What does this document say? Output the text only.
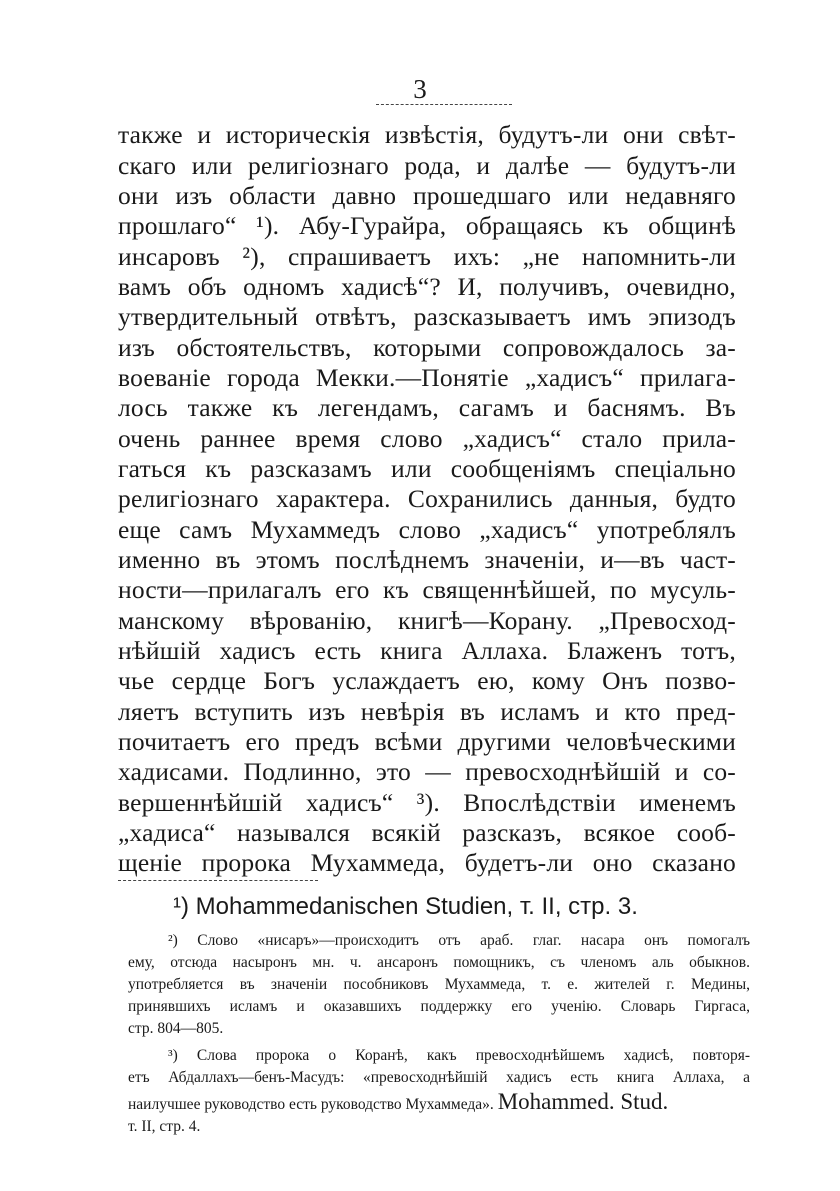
3
также и историческія извѣстія, будутъ-ли они свѣт-
скаго или религіознаго рода, и далѣе — будутъ-ли
они изъ области давно прошедшаго или недавняго
прошлаго“ ¹). Абу-Гурайра, обращаясь къ общинѣ
инсаровъ ²), спрашиваетъ ихъ: „не напомнить-ли
вамъ объ одномъ хадисѣ“? И, получивъ, очевидно,
утвердительный отвѣтъ, разсказываетъ имъ эпизодъ
изъ обстоятельствъ, которыми сопровождалось за-
воеваніе города Мекки.—Понятіе „хадисъ“ прилага-
лось также къ легендамъ, сагамъ и баснямъ. Въ
очень раннее время слово „хадисъ“ стало прила-
гаться къ разсказамъ или сообщеніямъ спеціально
религіознаго характера. Сохранились данныя, будто
еще самъ Мухаммедъ слово „хадисъ“ употреблялъ
именно въ этомъ послѣднемъ значеніи, и—въ част-
ности—прилагалъ его къ священнѣйшей, по мусуль-
манскому вѣрованію, книгѣ—Корану. „Превосход-
нѣйшій хадисъ есть книга Аллаха. Блаженъ тотъ,
чье сердце Богъ услаждаетъ ею, кому Онъ позво-
ляетъ вступить изъ невѣрія въ исламъ и кто пред-
почитаетъ его предъ всѣми другими человѣческими
хадисами. Подлинно, это — превосходнѣйшій и со-
вершеннѣйшій хадисъ“ ³). Впослѣдствіи именемъ
„хадиса“ назывался всякій разсказъ, всякое сооб-
щеніе пророка Мухаммеда, будетъ-ли оно сказано
¹) Mohammedanischen Studien, т. II, стр. 3.
²) Слово «нисаръ»—происходитъ отъ араб. глаг. насара онъ помогалъ
ему, отсюда насыронъ мн. ч. ансаронъ помощникъ, съ членомъ аль обыкнов.
употребляется въ значеніи пособниковъ Мухаммеда, т. е. жителей г. Медины,
принявшихъ исламъ и оказавшихъ поддержку его ученію. Словарь Гиргаса,
стр. 804—805.
³) Слова пророка о Коранѣ, какъ превосходнѣйшемъ хадисѣ, повторя-
етъ Абдаллахъ—бенъ-Масудъ: «превосходнѣйшій хадисъ есть книга Аллаха, а
наилучшее руководство есть руководство Мухаммеда». Mohammed. Stud.
т. II, стр. 4.
